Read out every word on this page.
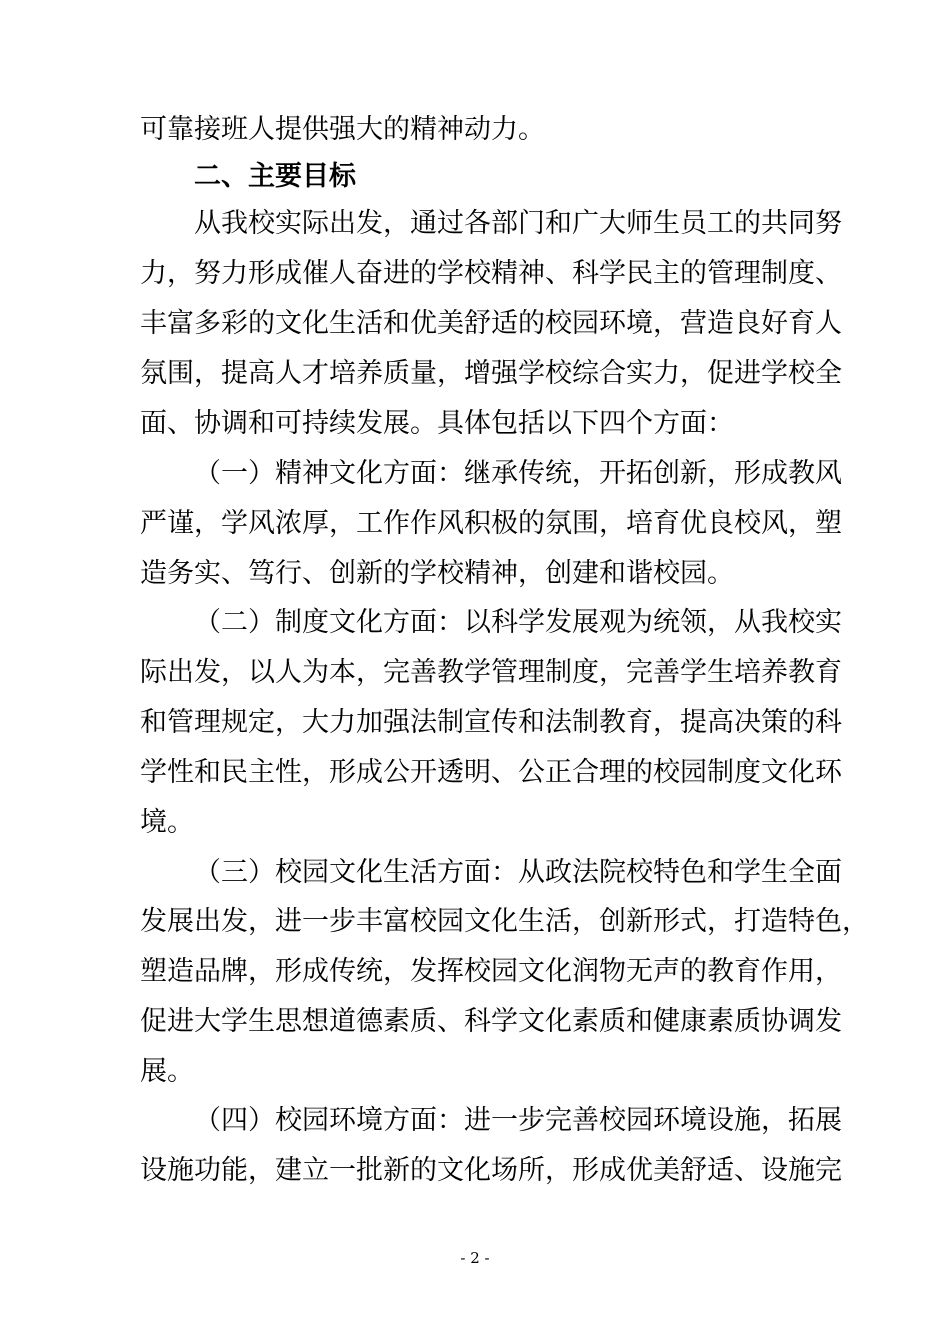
可靠接班人提供强大的精神动力。
二、主要目标
从我校实际出发，通过各部门和广大师生员工的共同努
力，努力形成催人奋进的学校精神、科学民主的管理制度、
丰富多彩的文化生活和优美舒适的校园环境，营造良好育人
氛围，提高人才培养质量，增强学校综合实力，促进学校全
面、协调和可持续发展。具体包括以下四个方面：
（一）精神文化方面：继承传统，开拓创新，形成教风
严谨，学风浓厚，工作作风积极的氛围，培育优良校风，塑
造务实、笃行、创新的学校精神，创建和谐校园。
（二）制度文化方面：以科学发展观为统领，从我校实
际出发，以人为本，完善教学管理制度，完善学生培养教育
和管理规定，大力加强法制宣传和法制教育，提高决策的科
学性和民主性，形成公开透明、公正合理的校园制度文化环
境。
（三）校园文化生活方面：从政法院校特色和学生全面
发展出发，进一步丰富校园文化生活，创新形式，打造特色，
塑造品牌，形成传统，发挥校园文化润物无声的教育作用，
促进大学生思想道德素质、科学文化素质和健康素质协调发
展。
（四）校园环境方面：进一步完善校园环境设施，拓展
设施功能，建立一批新的文化场所，形成优美舒适、设施完
- 2 -
